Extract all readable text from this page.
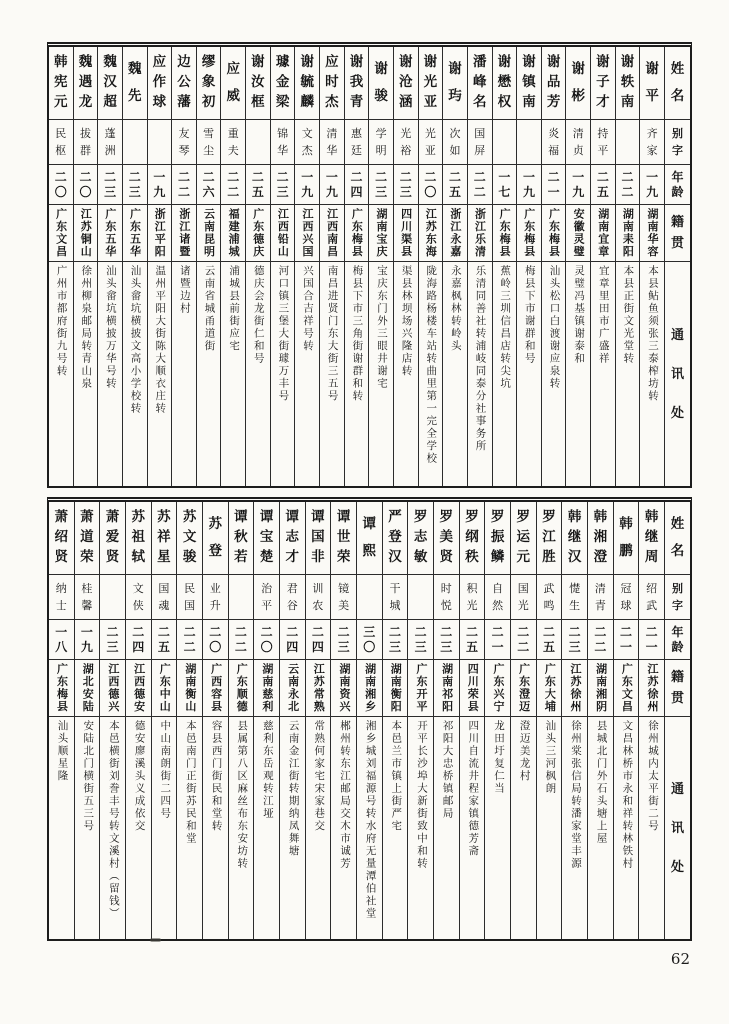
姓
名
别
字
年
龄
籍
贯
通
讯
处
谢
平
齐
家
一
九
湖南华容
本县鲇鱼须张三泰榨坊转
谢
轶
南
二
二
湖南耒阳
本县正街文光堂转
谢
子
才
持
平
二
五
湖南宜章
宜章里田市广盛祥
谢
彬
清
贞
一
九
安徽灵璧
灵璧冯基镇谢泰和
谢
品
芳
炎
福
二
一
广东梅县
汕头松口白渡谢应泉转
谢
镇
南
一
九
广东梅县
梅县下市谢群和号
谢
懋
权
一
七
广东梅县
蕉岭三圳信昌店转尖坑
潘
峰
名
国
屏
二
二
浙江乐清
乐清同善社转浦岐同泰分社事务所
谢
玙
次
如
二
五
浙江永嘉
永嘉枫林转岭头
谢
光
亚
光
亚
二
〇
江苏东海
陇海路杨楼车站转曲里第一完全学校
谢
沧
涵
光
裕
二
三
四川渠县
渠县林坝场兴隆店转
谢
骏
学
明
二
三
湖南宝庆
宝庆东门外三眼井谢宅
谢
我
青
惠
廷
二
四
广东梅县
梅县下市三角街谢群和转
应
时
杰
清
华
一
九
江西南昌
南昌进贤门东大街三五号
谢
毓
麟
文
杰
一
九
江西兴国
兴国合吉祥号转
璩
金
梁
锦
华
二
三
江西铅山
河口镇三堡大街璩万丰号
谢
汝
框
二
五
广东德庆
德庆会龙街仁和号
应
威
重
夫
二
二
福建浦城
浦城县前街应宅
缪
象
初
雪
尘
二
六
云南昆明
云南省城甬道街
边
公
藩
友
琴
二
二
浙江诸暨
诸暨边村
应
作
球
一
九
浙江平阳
温州平阳大街陈大顺衣庄转
魏
先
二
三
广东五华
汕头畲坑横披文高小学校转
魏
汉
超
蓬
洲
二
三
广东五华
汕头畲坑横披万华号转
魏
遇
龙
拔
群
二
〇
江苏铜山
徐州柳泉邮局转青山泉
韩
宪
元
民
枢
二
〇
广东文昌
广州市都府街九号转
姓
名
别
字
年
龄
籍
贯
通
讯
处
韩
继
周
绍
武
二
一
江苏徐州
徐州城内太平街二号
韩
鹏
冠
球
二
一
广东文昌
文昌林桥市永和祥转林铁村
韩
湘
澄
清
青
二
二
湖南湘阴
县城北门外石头塘上屋
韩
继
汉
憷
生
二
三
江苏徐州
徐州棠张信局转潘家堂丰源
罗
江
胜
武
鸣
二
五
广东大埔
汕头三河枫朗
罗
运
元
国
光
二
二
广东澄迈
澄迈美龙村
罗
振
鳞
自
然
二
一
广东兴宁
龙田圩复仁当
罗
纲
秩
积
光
二
五
四川荣县
四川自流井程家镇德芳斋
罗
美
贤
时
悦
二
三
湖南祁阳
祁阳大忠桥镇邮局
罗
志
敏
二
三
广东开平
开平长沙埠大新街致中和转
严
登
汉
干
城
二
三
湖南衡阳
本邑兰市镇上街严宅
谭
熙
三
〇
湖南湘乡
湘乡城刘福源号转水府无量潭伯社堂
谭
世
荣
镜
美
二
三
湖南资兴
郴州转东江邮局交木市诚芳
谭
国
非
训
农
二
四
江苏常熟
常熟何家宅宋家巷交
谭
志
才
君
谷
二
四
云南永北
云南金江街转期纳凤舞塘
谭
宝
楚
治
平
二
〇
湖南慈利
慈利东岳观转江垭
谭
秋
若
二
二
广东顺德
县属第八区麻丝布东安坊转
苏
登
业
升
二
〇
广西容县
容县西门街民和堂转
苏
文
骏
民
国
二
二
湖南衡山
本邑南门正街苏民和堂
苏
祥
星
国
魂
二
五
广东中山
中山南朗街二四号
苏
祖
轼
文
侠
二
四
江西德安
德安廖溪头义成依交
萧
爱
贤
二
三
江西德兴
本邑横街刘誊丰号转文溪村（留钱）
萧
道
荣
桂
馨
一
九
湖北安陆
安陆北门横街五三号
萧
绍
贤
纳
士
一
八
广东梅县
汕头顺星隆
62
